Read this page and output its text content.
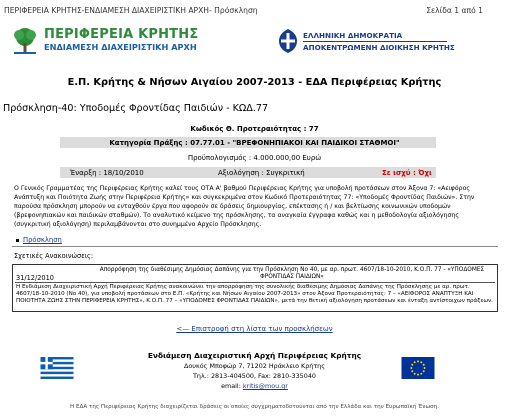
ΠΕΡΙΦΕΡΕΙΑ ΚΡΗΤΗΣ-ΕΝΔΙΑΜΕΣΗ ΔΙΑΧΕΙΡΙΣΤΙΚΗ ΑΡΧΗ- Πρόσκληση	Σελίδα 1 από 1
ΠΕΡΙΦΕΡΕΙΑ ΚΡΗΤΗΣ
ΕΝΔΙΑΜΕΣΗ ΔΙΑΧΕΙΡΙΣΤΙΚΗ ΑΡΧΗ
ΕΛΛΗΝΙΚΗ ΔΗΜΟΚΡΑΤΙΑ
ΑΠΟΚΕΝΤΡΩΜΕΝΗ ΔΙΟΙΚΗΣΗ ΚΡΗΤΗΣ
Ε.Π. Κρήτης & Νήσων Αιγαίου 2007-2013 - ΕΔΑ Περιφέρειας Κρήτης
Πρόσκληση-40: Υποδομές Φροντίδας Παιδιών - ΚΩΔ.77
Κωδικός Θ. Προτεραιότητας : 77
Κατηγορία Πράξης : 07.77.01 - "ΒΡΕΦΟΝΗΠΙΑΚΟΙ ΚΑΙ ΠΑΙΔΙΚΟΙ ΣΤΑΘΜΟΙ"
Προϋπολογισμός : 4.000.000,00 Ευρώ
Έναρξη : 18/10/2010	Αξιολόγηση : Συγκριτική	Σε ισχύ : Όχι

Ο Γενικός Γραμματέας της Περιφέρειας Κρήτης καλεί τους ΟΤΑ Α' βαθμού Περιφέρειας Κρήτης για υποβολή προτάσεων στον Άξονα 7: «Αειφόρος Ανάπτυξη και Ποιότητα Ζωής στην Περιφέρεια Κρήτης» και συγκεκριμένα στον Κωδικό Προτεραιότητας 77: «Υποδομές Φροντίδας Παιδιών». Στην παρούσα πρόσκληση μπορούν να ενταχθούν έργα που αφορούν σε δράσεις δημιουργίας, επέκτασης ή / και βελτίωσης κοινωνικών υποδομών (βρεφονηπιακών και παιδικών σταθμών). Το αναλυτικό κείμενο της πρόσκλησης, τα αναγκαία έγγραφα καθώς και η μεθοδολογία αξιολόγησης (συγκριτική αξιολόγηση) περιλαμβάνονται στο συνημμένο Αρχείο Πρόσκλησης.

Πρόσκληση
Σχετικές Ανακοινώσεις:
31/12/2010
Απορρόφηση της διαθέσιμης Δημόσιας Δαπάνης για την Πρόσκληση Νο 40, με αρ. πρωτ. 4607/18-10-2010, Κ.Ο.Π. 77 - «ΥΠΟΔΟΜΕΣ ΦΡΟΝΤΙΔΑΣ ΠΑΙΔΙΩΝ»
Η Ενδιάμεση Διαχειριστική Αρχή Περιφέρειας Κρήτης ανακοινώνει την απορρόφηση της συνολικής διαθέσιμης Δημόσιας Δαπάνης της Πρόσκλησης με αρ. πρωτ. 4607/18-10-2010 (Νο 40), για υποβολή προτάσεων στο Ε.Π. «Κρήτης και Νήσων Αιγαίου 2007-2013» στον Άξονα Προτεραιότητας: 7 – «ΑΕΙΦΟΡΟΣ ΑΝΑΠΤΥΞΗ ΚΑΙ ΠΟΙΟΤΗΤΑ ΖΩΗΣ ΣΤΗΝ ΠΕΡΙΦΕΡΕΙΑ ΚΡΗΤΗΣ», Κ.Ο.Π. 77 – «ΥΠΟΔΟΜΕΣ ΦΡΟΝΤΙΔΑΣ ΠΑΙΔΙΩΝ», μετά την θετική αξιολόγηση προτάσεων και ένταξη αντίστοιχων πράξεων.
<— Επιστροφή στη λίστα των προσκλήσεων
Ενδιάμεση Διαχειριστική Αρχή Περιφέρειας Κρήτης
Δουκός Μποφώρ 7, 71202 Ηράκλειο Κρήτης
Τηλ.: 2813-404500, Fax: 2810-335040
email: kritis@mou.gr
Η ΕΔΑ της Περιφέρειας Κρήτης διαχειρίζεται δράσεις οι οποίες συγχρηματοδοτούνται από την Ελλάδα και την Ευρωπαϊκή Ένωση.
